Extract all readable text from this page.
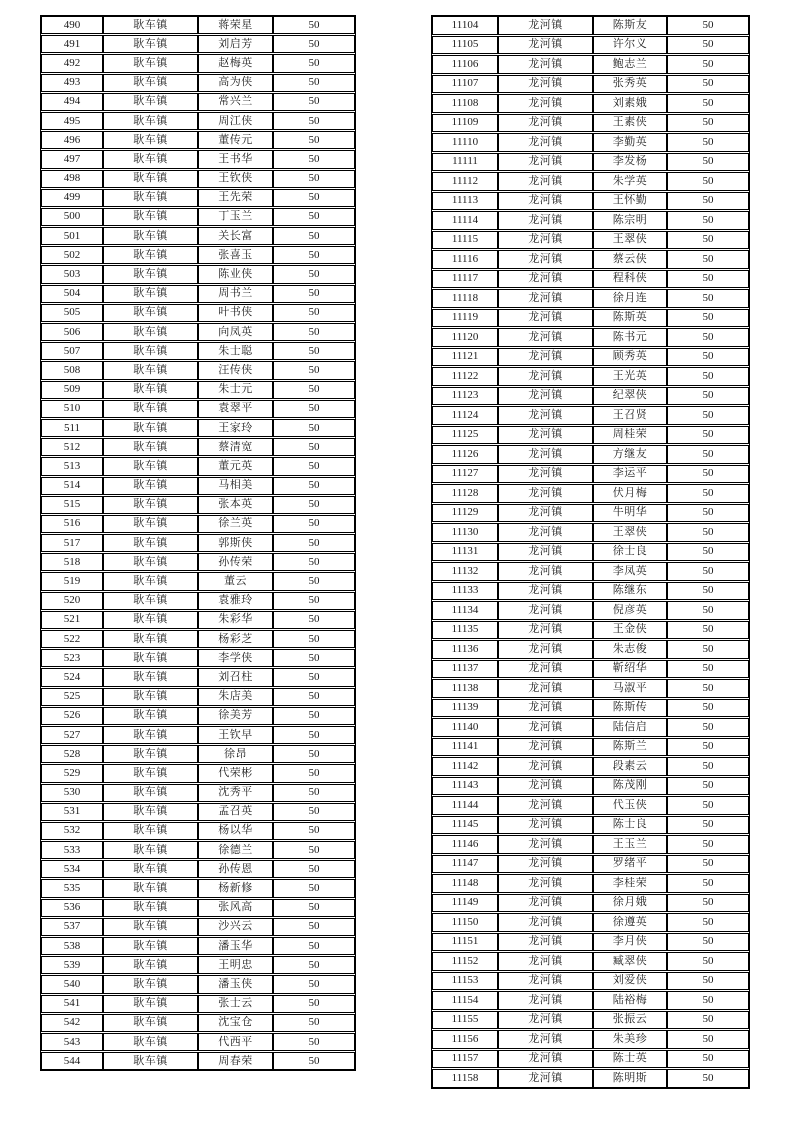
490	耿车镇	蒋荣星	50
491	耿车镇	刘启芳	50
492	耿车镇	赵梅英	50
493	耿车镇	高为侠	50
494	耿车镇	常兴兰	50
495	耿车镇	周江侠	50
496	耿车镇	董传元	50
497	耿车镇	王书华	50
498	耿车镇	王钦侠	50
499	耿车镇	王先荣	50
500	耿车镇	丁玉兰	50
501	耿车镇	关长富	50
502	耿车镇	张喜玉	50
503	耿车镇	陈业侠	50
504	耿车镇	周书兰	50
505	耿车镇	叶书侠	50
506	耿车镇	向凤英	50
507	耿车镇	朱士聪	50
508	耿车镇	汪传侠	50
509	耿车镇	朱士元	50
510	耿车镇	袁翠平	50
511	耿车镇	王家玲	50
512	耿车镇	蔡清宽	50
513	耿车镇	董元英	50
514	耿车镇	马相美	50
515	耿车镇	张本英	50
516	耿车镇	徐兰英	50
517	耿车镇	郭斯侠	50
518	耿车镇	孙传荣	50
519	耿车镇	董云	50
520	耿车镇	袁雅玲	50
521	耿车镇	朱彩华	50
522	耿车镇	杨彩芝	50
523	耿车镇	李学侠	50
524	耿车镇	刘召柱	50
525	耿车镇	朱店美	50
526	耿车镇	徐美芳	50
527	耿车镇	王钦早	50
528	耿车镇	徐昂	50
529	耿车镇	代荣彬	50
530	耿车镇	沈秀平	50
531	耿车镇	孟召英	50
532	耿车镇	杨以华	50
533	耿车镇	徐德兰	50
534	耿车镇	孙传恩	50
535	耿车镇	杨新修	50
536	耿车镇	张风高	50
537	耿车镇	沙兴云	50
538	耿车镇	潘玉华	50
539	耿车镇	王明忠	50
540	耿车镇	潘玉侠	50
541	耿车镇	张士云	50
542	耿车镇	沈宝仓	50
543	耿车镇	代西平	50
544	耿车镇	周春荣	50
11104	龙河镇	陈斯友	50
11105	龙河镇	许尔义	50
11106	龙河镇	鲍志兰	50
11107	龙河镇	张秀英	50
11108	龙河镇	刘素娥	50
11109	龙河镇	王素侠	50
11110	龙河镇	李勤英	50
11111	龙河镇	李发杨	50
11112	龙河镇	朱学英	50
11113	龙河镇	王怀勤	50
11114	龙河镇	陈宗明	50
11115	龙河镇	王翠侠	50
11116	龙河镇	蔡云侠	50
11117	龙河镇	程科侠	50
11118	龙河镇	徐月连	50
11119	龙河镇	陈斯英	50
11120	龙河镇	陈书元	50
11121	龙河镇	顾秀英	50
11122	龙河镇	王光英	50
11123	龙河镇	纪翠侠	50
11124	龙河镇	王召贤	50
11125	龙河镇	周桂荣	50
11126	龙河镇	方继友	50
11127	龙河镇	李运平	50
11128	龙河镇	伏月梅	50
11129	龙河镇	牛明华	50
11130	龙河镇	王翠侠	50
11131	龙河镇	徐士良	50
11132	龙河镇	李凤英	50
11133	龙河镇	陈继东	50
11134	龙河镇	倪彦英	50
11135	龙河镇	王金侠	50
11136	龙河镇	朱志俊	50
11137	龙河镇	靳绍华	50
11138	龙河镇	马淑平	50
11139	龙河镇	陈斯传	50
11140	龙河镇	陆信启	50
11141	龙河镇	陈斯兰	50
11142	龙河镇	段素云	50
11143	龙河镇	陈茂刚	50
11144	龙河镇	代玉侠	50
11145	龙河镇	陈士良	50
11146	龙河镇	王玉兰	50
11147	龙河镇	罗绪平	50
11148	龙河镇	李桂荣	50
11149	龙河镇	徐月娥	50
11150	龙河镇	徐遵英	50
11151	龙河镇	李月侠	50
11152	龙河镇	臧翠侠	50
11153	龙河镇	刘爱侠	50
11154	龙河镇	陆裕梅	50
11155	龙河镇	张振云	50
11156	龙河镇	朱美珍	50
11157	龙河镇	陈士英	50
11158	龙河镇	陈明斯	50
